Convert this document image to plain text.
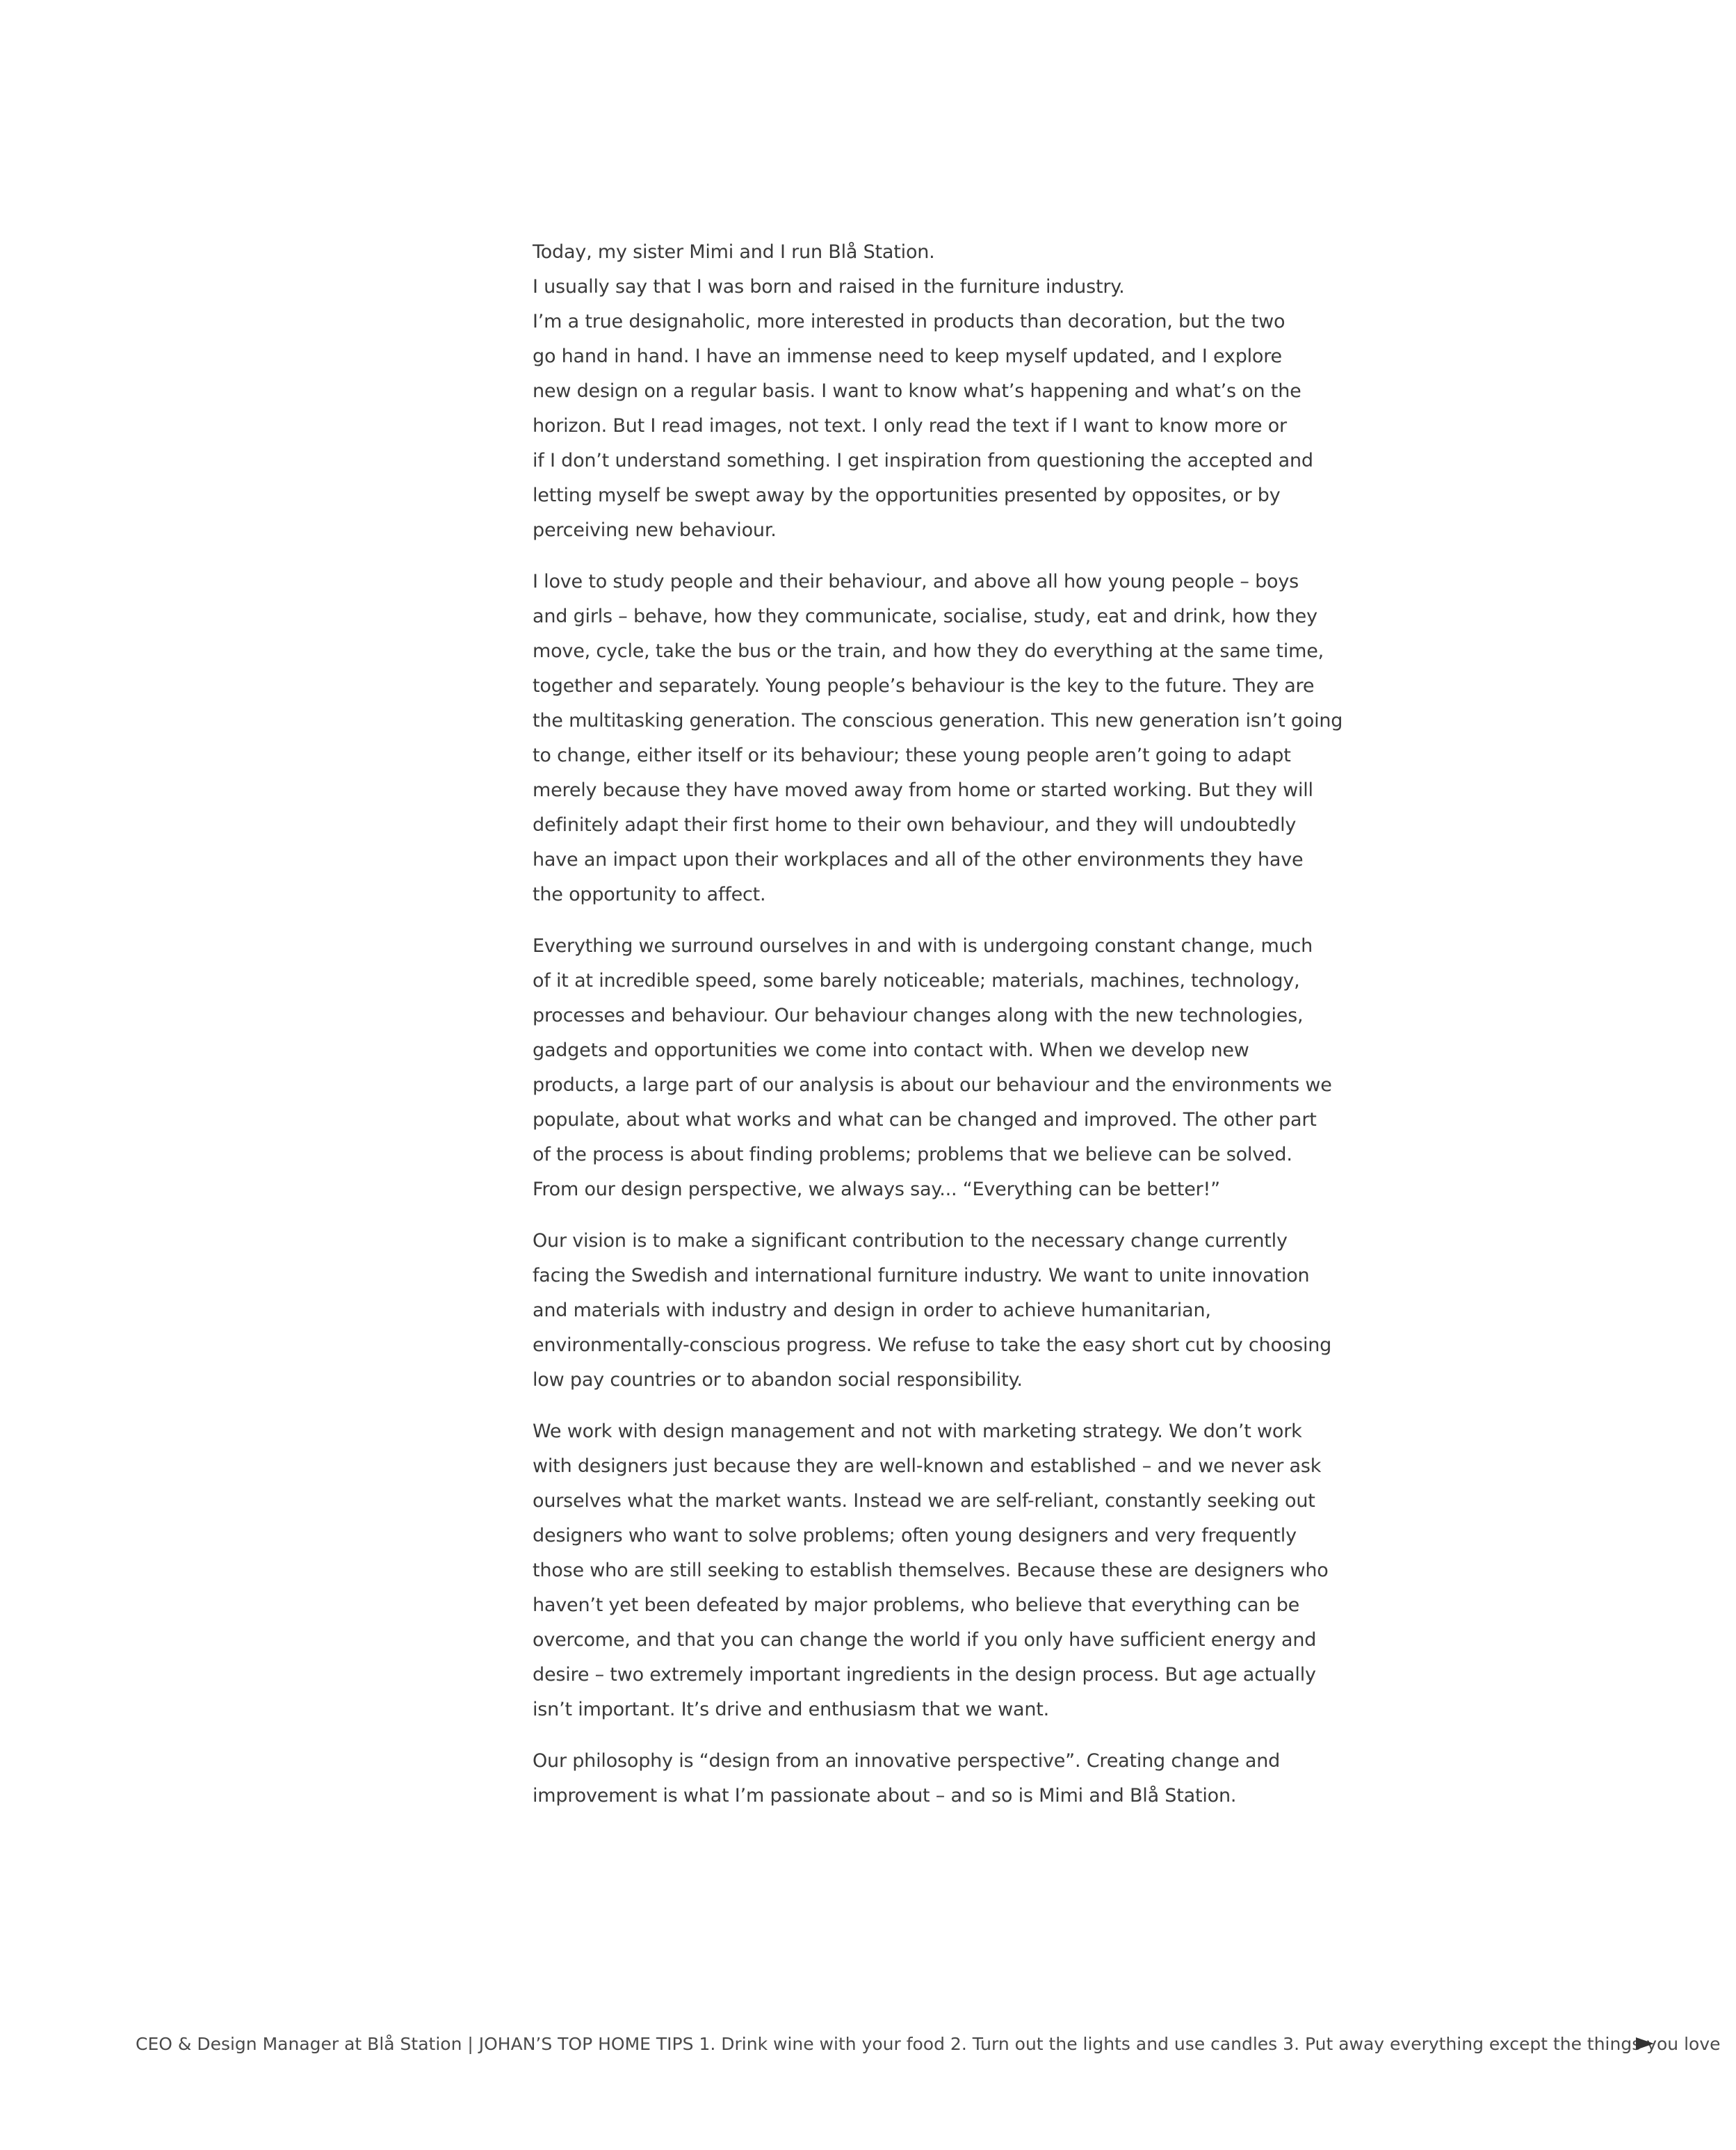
Today, my sister Mimi and I run Blå Station.
I usually say that I was born and raised in the furniture industry.
I’m a true designaholic, more interested in products than decoration, but the two
go hand in hand. I have an immense need to keep myself updated, and I explore
new design on a regular basis. I want to know what’s happening and what’s on the
horizon. But I read images, not text. I only read the text if I want to know more or
if I don’t understand something. I get inspiration from questioning the accepted and
letting myself be swept away by the opportunities presented by opposites, or by
perceiving new behaviour.
I love to study people and their behaviour, and above all how young people – boys
and girls – behave, how they communicate, socialise, study, eat and drink, how they
move, cycle, take the bus or the train, and how they do everything at the same time,
together and separately. Young people’s behaviour is the key to the future. They are
the multitasking generation. The conscious generation. This new generation isn’t going
to change, either itself or its behaviour; these young people aren’t going to adapt
merely because they have moved away from home or started working. But they will
definitely adapt their first home to their own behaviour, and they will undoubtedly
have an impact upon their workplaces and all of the other environments they have
the opportunity to affect.
Everything we surround ourselves in and with is undergoing constant change, much
of it at incredible speed, some barely noticeable; materials, machines, technology,
processes and behaviour. Our behaviour changes along with the new technologies,
gadgets and opportunities we come into contact with. When we develop new
products, a large part of our analysis is about our behaviour and the environments we
populate, about what works and what can be changed and improved. The other part
of the process is about finding problems; problems that we believe can be solved.
From our design perspective, we always say... “Everything can be better!”
Our vision is to make a significant contribution to the necessary change currently
facing the Swedish and international furniture industry. We want to unite innovation
and materials with industry and design in order to achieve humanitarian,
environmentally-conscious progress. We refuse to take the easy short cut by choosing
low pay countries or to abandon social responsibility.
We work with design management and not with marketing strategy. We don’t work
with designers just because they are well-known and established – and we never ask
ourselves what the market wants. Instead we are self-reliant, constantly seeking out
designers who want to solve problems; often young designers and very frequently
those who are still seeking to establish themselves. Because these are designers who
haven’t yet been defeated by major problems, who believe that everything can be
overcome, and that you can change the world if you only have sufficient energy and
desire – two extremely important ingredients in the design process. But age actually
isn’t important. It’s drive and enthusiasm that we want.
Our philosophy is “design from an innovative perspective”. Creating change and
improvement is what I’m passionate about – and so is Mimi and Blå Station.
CEO & Design Manager at Blå Station | JOHAN’S TOP HOME TIPS 1. Drink wine with your food 2. Turn out the lights and use candles 3. Put away everything except the things you love
